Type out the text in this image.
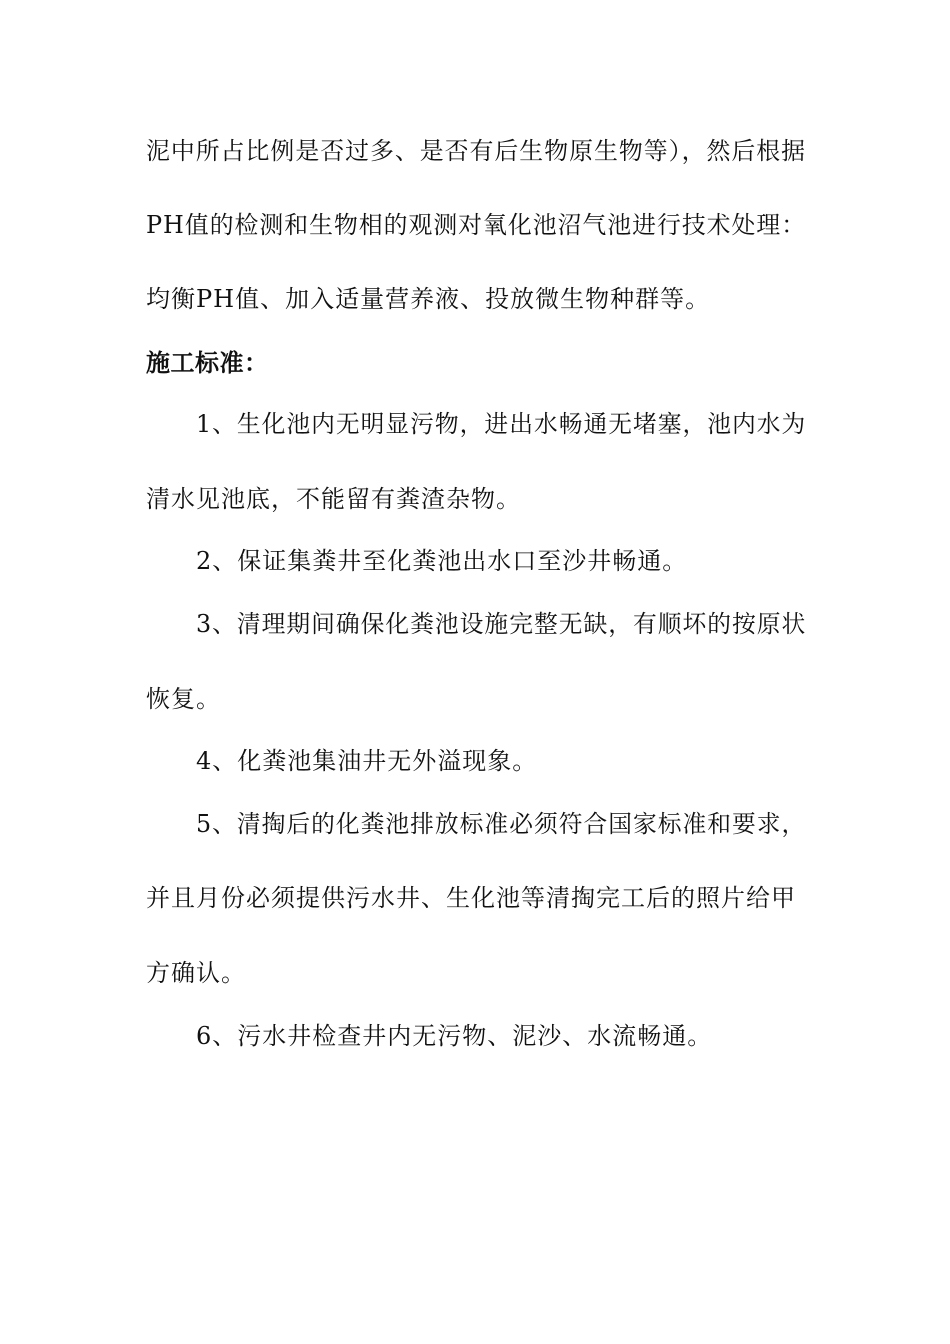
泥中所占比例是否过多、是否有后生物原生物等），然后根据
PH值的检测和生物相的观测对氧化池沼气池进行技术处理：
均衡PH值、加入适量营养液、投放微生物种群等。
施工标准：
1、生化池内无明显污物，进出水畅通无堵塞，池内水为
清水见池底，不能留有粪渣杂物。
2、保证集粪井至化粪池出水口至沙井畅通。
3、清理期间确保化粪池设施完整无缺，有顺坏的按原状
恢复。
4、化粪池集油井无外溢现象。
5、清掏后的化粪池排放标准必须符合国家标准和要求，
并且月份必须提供污水井、生化池等清掏完工后的照片给甲
方确认。
6、污水井检查井内无污物、泥沙、水流畅通。
